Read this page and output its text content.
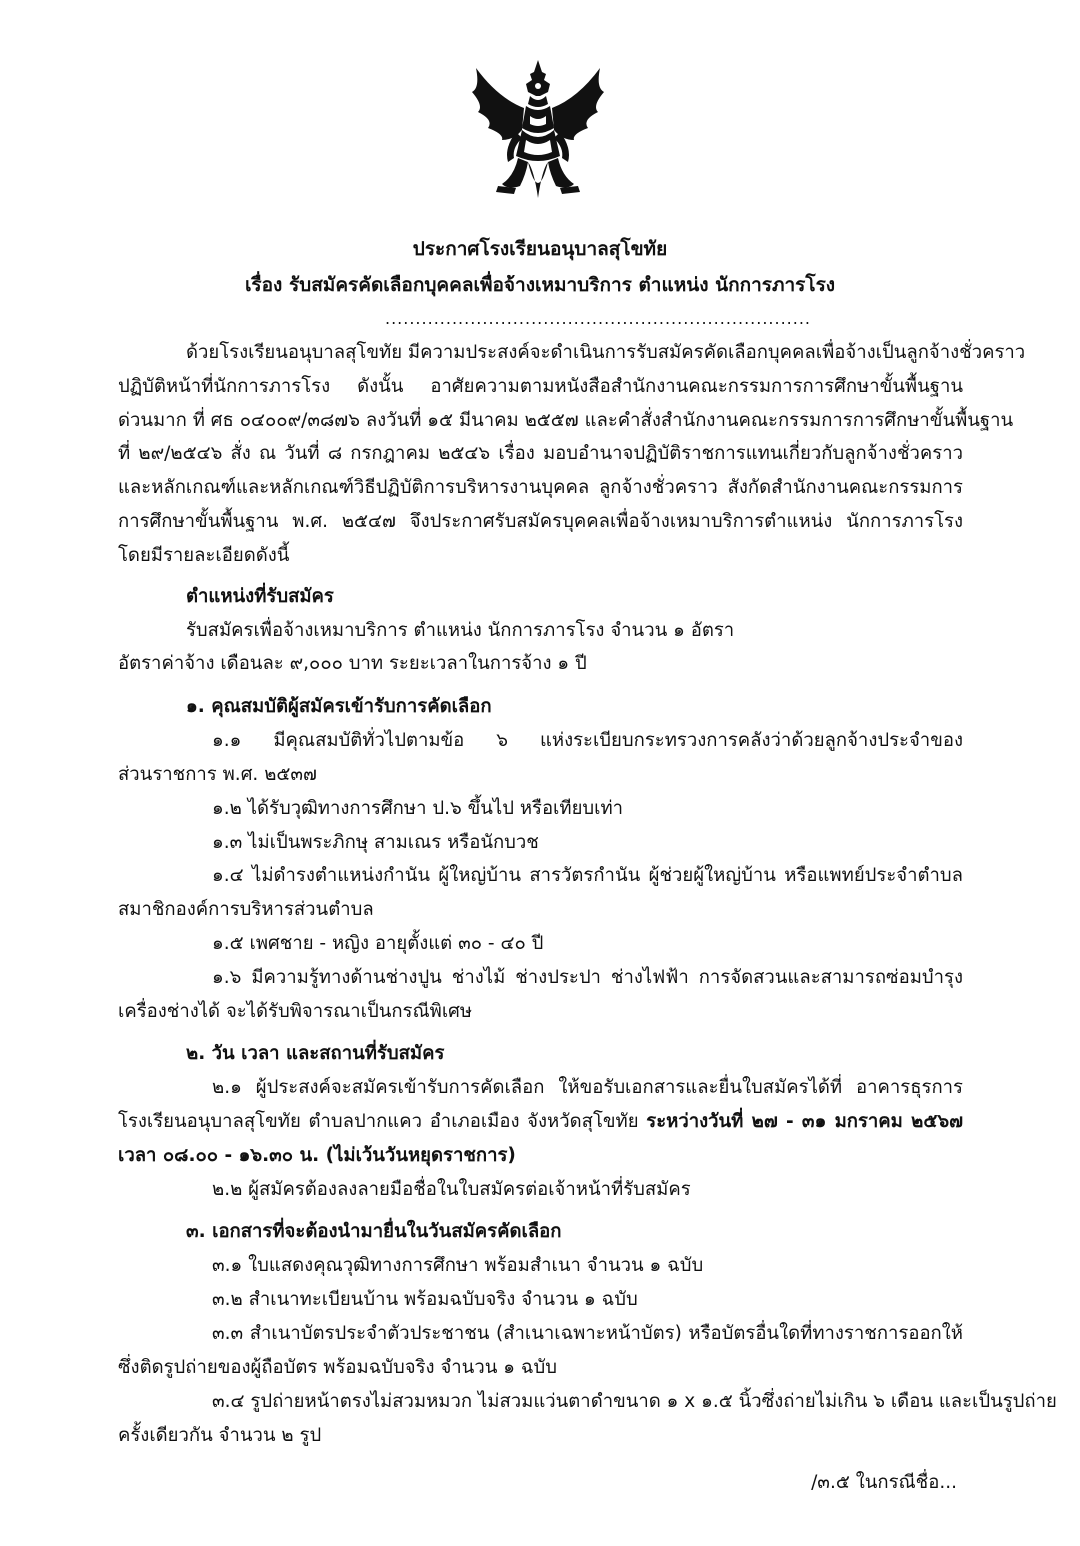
ประกาศโรงเรียนอนุบาลสุโขทัย
เรื่อง รับสมัครคัดเลือกบุคคลเพื่อจ้างเหมาบริการ ตำแหน่ง นักการภารโรง
......................................................................
ด้วยโรงเรียนอนุบาลสุโขทัย มีความประสงค์จะดำเนินการรับสมัครคัดเลือกบุคคลเพื่อจ้างเป็นลูกจ้างชั่วคราว
ปฏิบัติหน้าที่นักการภารโรง ดังนั้น อาศัยความตามหนังสือสำนักงานคณะกรรมการการศึกษาขั้นพื้นฐาน
ด่วนมาก ที่ ศธ ๐๔๐๐๙/๓๘๗๖ ลงวันที่ ๑๕ มีนาคม ๒๕๕๗ และคำสั่งสำนักงานคณะกรรมการการศึกษาขั้นพื้นฐาน
ที่ ๒๙/๒๕๔๖ สั่ง ณ วันที่ ๘ กรกฎาคม ๒๕๔๖ เรื่อง มอบอำนาจปฏิบัติราชการแทนเกี่ยวกับลูกจ้างชั่วคราว
และหลักเกณฑ์และหลักเกณฑ์วิธีปฏิบัติการบริหารงานบุคคล ลูกจ้างชั่วคราว สังกัดสำนักงานคณะกรรมการ
การศึกษาขั้นพื้นฐาน พ.ศ. ๒๕๔๗ จึงประกาศรับสมัครบุคคลเพื่อจ้างเหมาบริการตำแหน่ง นักการภารโรง
โดยมีรายละเอียดดังนี้
ตำแหน่งที่รับสมัคร
รับสมัครเพื่อจ้างเหมาบริการ ตำแหน่ง นักการภารโรง จำนวน ๑ อัตรา
อัตราค่าจ้าง เดือนละ ๙,๐๐๐ บาท ระยะเวลาในการจ้าง ๑ ปี
๑. คุณสมบัติผู้สมัครเข้ารับการคัดเลือก
๑.๑ มีคุณสมบัติทั่วไปตามข้อ ๖ แห่งระเบียบกระทรวงการคลังว่าด้วยลูกจ้างประจำของ
ส่วนราชการ พ.ศ. ๒๕๓๗
๑.๒ ได้รับวุฒิทางการศึกษา ป.๖ ขึ้นไป หรือเทียบเท่า
๑.๓ ไม่เป็นพระภิกษุ สามเณร หรือนักบวช
๑.๔ ไม่ดำรงตำแหน่งกำนัน ผู้ใหญ่บ้าน สารวัตรกำนัน ผู้ช่วยผู้ใหญ่บ้าน หรือแพทย์ประจำตำบล
สมาชิกองค์การบริหารส่วนตำบล
๑.๕ เพศชาย - หญิง อายุตั้งแต่ ๓๐ - ๔๐ ปี
๑.๖ มีความรู้ทางด้านช่างปูน ช่างไม้ ช่างประปา ช่างไฟฟ้า การจัดสวนและสามารถซ่อมบำรุง
เครื่องช่างได้ จะได้รับพิจารณาเป็นกรณีพิเศษ
๒. วัน เวลา และสถานที่รับสมัคร
๒.๑ ผู้ประสงค์จะสมัครเข้ารับการคัดเลือก ให้ขอรับเอกสารและยื่นใบสมัครได้ที่ อาคารธุรการ
โรงเรียนอนุบาลสุโขทัย ตำบลปากแคว อำเภอเมือง จังหวัดสุโขทัย ระหว่างวันที่ ๒๗ - ๓๑ มกราคม ๒๕๖๗
เวลา ๐๘.๐๐ - ๑๖.๓๐ น. (ไม่เว้นวันหยุดราชการ)
๒.๒ ผู้สมัครต้องลงลายมือชื่อในใบสมัครต่อเจ้าหน้าที่รับสมัคร
๓. เอกสารที่จะต้องนำมายื่นในวันสมัครคัดเลือก
๓.๑ ใบแสดงคุณวุฒิทางการศึกษา พร้อมสำเนา จำนวน ๑ ฉบับ
๓.๒ สำเนาทะเบียนบ้าน พร้อมฉบับจริง จำนวน ๑ ฉบับ
๓.๓ สำเนาบัตรประจำตัวประชาชน (สำเนาเฉพาะหน้าบัตร) หรือบัตรอื่นใดที่ทางราชการออกให้
ซึ่งติดรูปถ่ายของผู้ถือบัตร พร้อมฉบับจริง จำนวน ๑ ฉบับ
๓.๔ รูปถ่ายหน้าตรงไม่สวมหมวก ไม่สวมแว่นตาดำขนาด ๑ x ๑.๕ นิ้วซึ่งถ่ายไม่เกิน ๖ เดือน และเป็นรูปถ่าย
ครั้งเดียวกัน จำนวน ๒ รูป
/๓.๕ ในกรณีชื่อ...
